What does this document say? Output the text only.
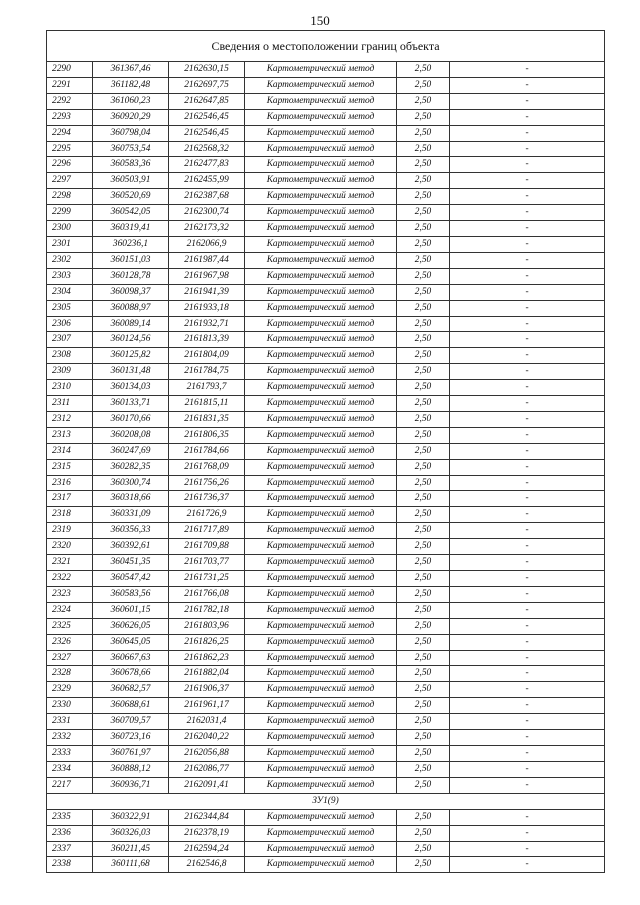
150
Сведения о местоположении границ объекта					
2290	361367,46	2162630,15	Картометрический метод	2,50	-
2291	361182,48	2162697,75	Картометрический метод	2,50	-
2292	361060,23	2162647,85	Картометрический метод	2,50	-
2293	360920,29	2162546,45	Картометрический метод	2,50	-
2294	360798,04	2162546,45	Картометрический метод	2,50	-
2295	360753,54	2162568,32	Картометрический метод	2,50	-
2296	360583,36	2162477,83	Картометрический метод	2,50	-
2297	360503,91	2162455,99	Картометрический метод	2,50	-
2298	360520,69	2162387,68	Картометрический метод	2,50	-
2299	360542,05	2162300,74	Картометрический метод	2,50	-
2300	360319,41	2162173,32	Картометрический метод	2,50	-
2301	360236,1	2162066,9	Картометрический метод	2,50	-
2302	360151,03	2161987,44	Картометрический метод	2,50	-
2303	360128,78	2161967,98	Картометрический метод	2,50	-
2304	360098,37	2161941,39	Картометрический метод	2,50	-
2305	360088,97	2161933,18	Картометрический метод	2,50	-
2306	360089,14	2161932,71	Картометрический метод	2,50	-
2307	360124,56	2161813,39	Картометрический метод	2,50	-
2308	360125,82	2161804,09	Картометрический метод	2,50	-
2309	360131,48	2161784,75	Картометрический метод	2,50	-
2310	360134,03	2161793,7	Картометрический метод	2,50	-
2311	360133,71	2161815,11	Картометрический метод	2,50	-
2312	360170,66	2161831,35	Картометрический метод	2,50	-
2313	360208,08	2161806,35	Картометрический метод	2,50	-
2314	360247,69	2161784,66	Картометрический метод	2,50	-
2315	360282,35	2161768,09	Картометрический метод	2,50	-
2316	360300,74	2161756,26	Картометрический метод	2,50	-
2317	360318,66	2161736,37	Картометрический метод	2,50	-
2318	360331,09	2161726,9	Картометрический метод	2,50	-
2319	360356,33	2161717,89	Картометрический метод	2,50	-
2320	360392,61	2161709,88	Картометрический метод	2,50	-
2321	360451,35	2161703,77	Картометрический метод	2,50	-
2322	360547,42	2161731,25	Картометрический метод	2,50	-
2323	360583,56	2161766,08	Картометрический метод	2,50	-
2324	360601,15	2161782,18	Картометрический метод	2,50	-
2325	360626,05	2161803,96	Картометрический метод	2,50	-
2326	360645,05	2161826,25	Картометрический метод	2,50	-
2327	360667,63	2161862,23	Картометрический метод	2,50	-
2328	360678,66	2161882,04	Картометрический метод	2,50	-
2329	360682,57	2161906,37	Картометрический метод	2,50	-
2330	360688,61	2161961,17	Картометрический метод	2,50	-
2331	360709,57	2162031,4	Картометрический метод	2,50	-
2332	360723,16	2162040,22	Картометрический метод	2,50	-
2333	360761,97	2162056,88	Картометрический метод	2,50	-
2334	360888,12	2162086,77	Картометрический метод	2,50	-
2217	360936,71	2162091,41	Картометрический метод	2,50	-
ЗУ1(9)					
2335	360322,91	2162344,84	Картометрический метод	2,50	-
2336	360326,03	2162378,19	Картометрический метод	2,50	-
2337	360211,45	2162594,24	Картометрический метод	2,50	-
2338	360111,68	2162546,8	Картометрический метод	2,50	-
